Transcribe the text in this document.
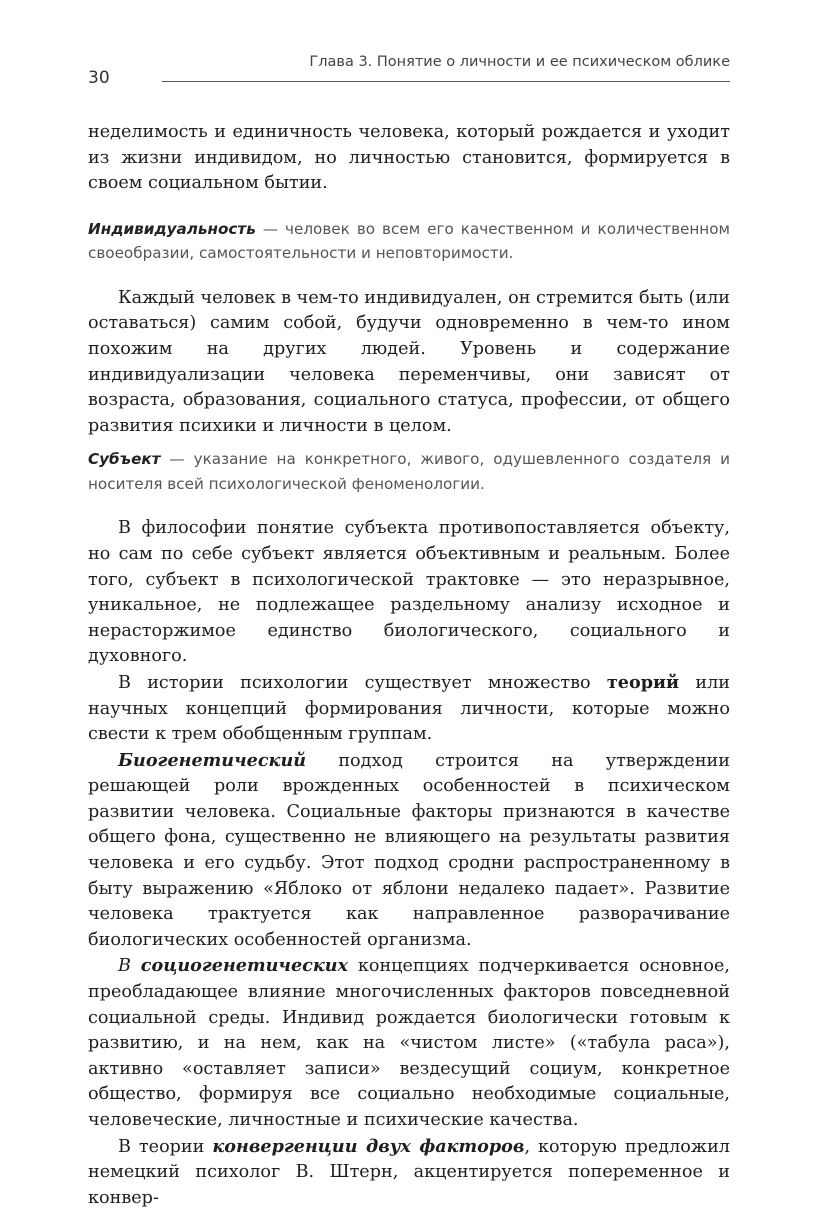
30
Глава 3. Понятие о личности и ее психическом облике

неделимость и единичность человека, который рождается и уходит из жизни индивидом, но личностью становится, формируется в своем социальном бытии.

Индивидуальность — человек во всем его качественном и количественном своеобразии, самостоятельности и неповторимости.

Каждый человек в чем-то индивидуален, он стремится быть (или оставаться) самим собой, будучи одновременно в чем-то ином похожим на других людей. Уровень и содержание индивидуализации человека переменчивы, они зависят от возраста, образования, социального статуса, профессии, от общего развития психики и личности в целом.

Субъект — указание на конкретного, живого, одушевленного создателя и носителя всей психологической феноменологии.

В философии понятие субъекта противопоставляется объекту, но сам по себе субъект является объективным и реальным. Более того, субъект в психологической трактовке — это неразрывное, уникальное, не подлежащее раздельному анализу исходное и нерасторжимое единство биологического, социального и духовного.

В истории психологии существует множество теорий или научных концепций формирования личности, которые можно свести к трем обобщенным группам.

Биогенетический подход строится на утверждении решающей роли врожденных особенностей в психическом развитии человека. Социальные факторы признаются в качестве общего фона, существенно не влияющего на результаты развития человека и его судьбу. Этот подход сродни распространенному в быту выражению «Яблоко от яблони недалеко падает». Развитие человека трактуется как направленное разворачивание биологических особенностей организма.

В социогенетических концепциях подчеркивается основное, преобладающее влияние многочисленных факторов повседневной социальной среды. Индивид рождается биологически готовым к развитию, и на нем, как на «чистом листе» («табула раса»), активно «оставляет записи» вездесущий социум, конкретное общество, формируя все социально необходимые социальные, человеческие, личностные и психические качества.

В теории конвергенции двух факторов, которую предложил немецкий психолог В. Штерн, акцентируется попеременное и конвер-
